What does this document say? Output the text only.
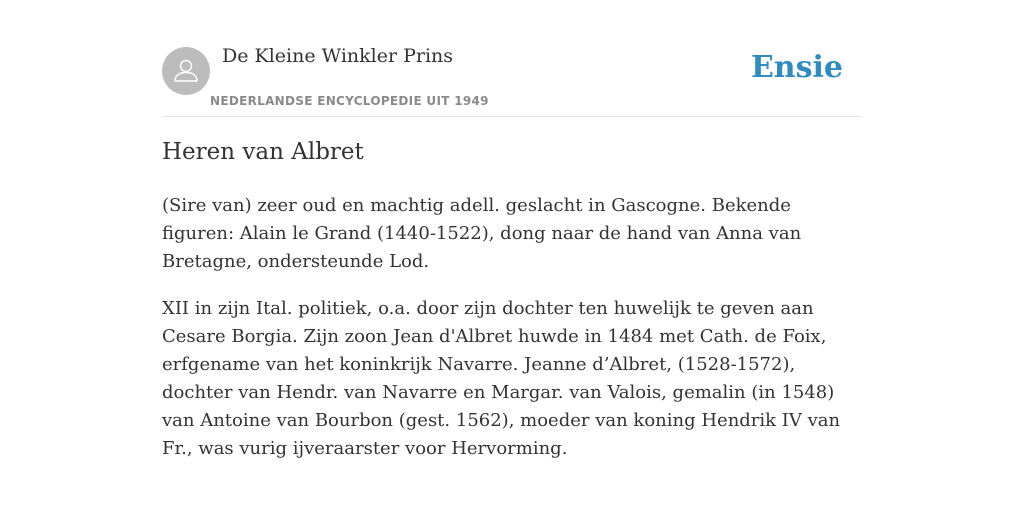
De Kleine Winkler Prins
NEDERLANDSE ENCYCLOPEDIE UIT 1949
Ensie
Heren van Albret

(Sire van) zeer oud en machtig adell. geslacht in Gascogne. Bekende figuren: Alain le Grand (1440-1522), dong naar de hand van Anna van Bretagne, ondersteunde Lod.

XII in zijn Ital. politiek, o.a. door zijn dochter ten huwelijk te geven aan Cesare Borgia. Zijn zoon Jean d'Albret huwde in 1484 met Cath. de Foix, erfgename van het koninkrijk Navarre. Jeanne d’Albret, (1528-1572), dochter van Hendr. van Navarre en Margar. van Valois, gemalin (in 1548) van Antoine van Bourbon (gest. 1562), moeder van koning Hendrik IV van Fr., was vurig ijveraarster voor Hervorming.
